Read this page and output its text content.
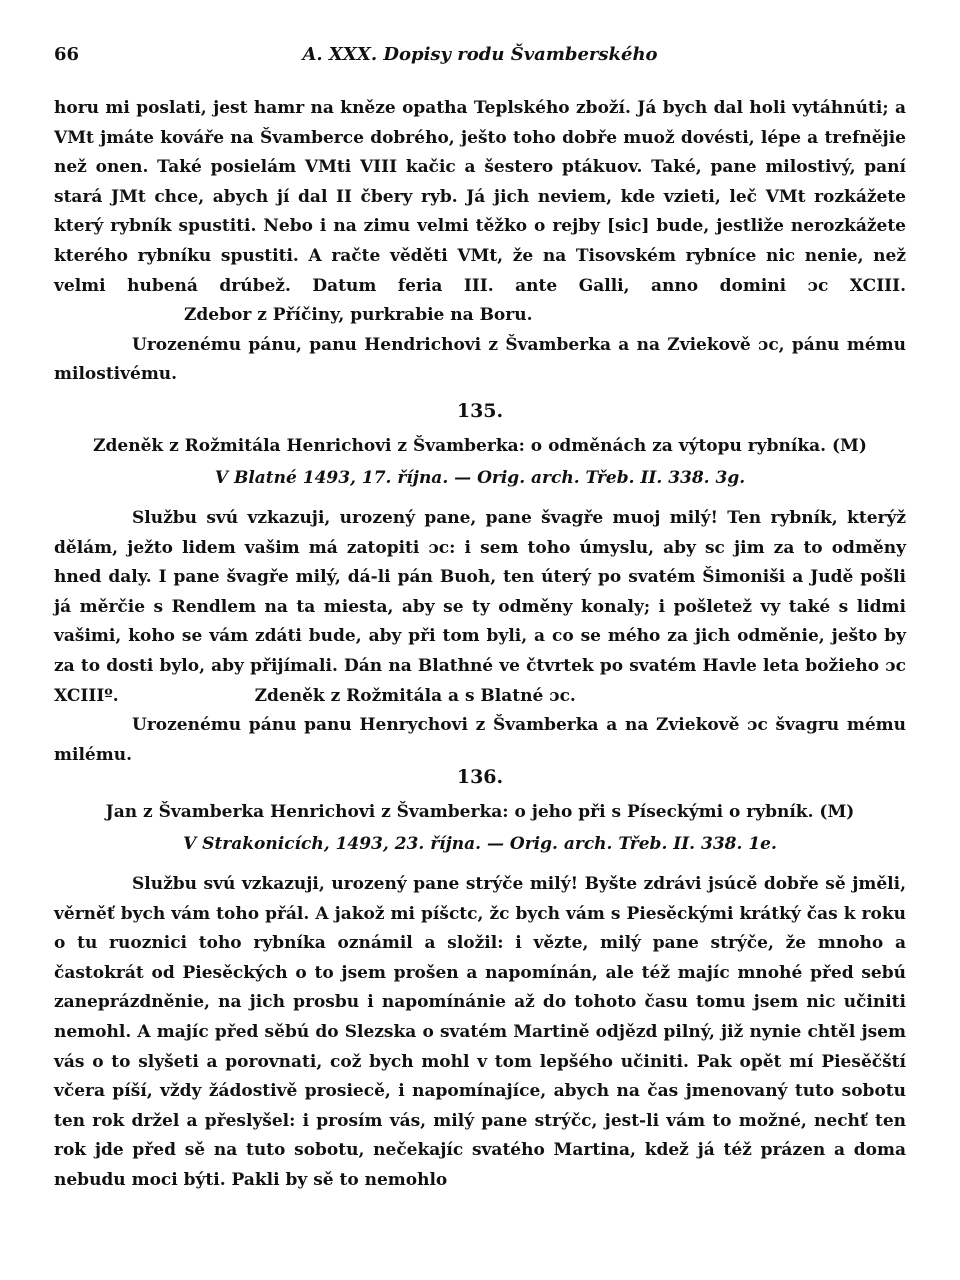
66	A. XXX. Dopisy rodu Švamberského

horu mi poslati, jest hamr na kněze opatha Teplského zboží. Já bych dal holi vytáhnúti; a VMt jmáte kováře na Švamberce dobrého, ješto toho dobře muož dovésti, lépe a trefnějie než onen. Také posielám VMti VIII kačic a šestero ptákuov. Také, pane milostivý, paní stará JMt chce, abych jí dal II čbery ryb. Já jich neviem, kde vzieti, leč VMt rozkážete který rybník spustiti. Nebo i na zimu velmi těžko o rejby [sic] bude, jestliže nerozkážete kterého rybníku spustiti. A račte věděti VMt, že na Tisovském rybníce nic nenie, než velmi hubená drúbež. Datum feria III. ante Galli, anno domini ɔc XCIII. Zdebor z Příčiny, purkrabie na Boru.

Urozenému pánu, panu Hendrichovi z Švamberka a na Zviekově ɔc, pánu mému milostivému.

135.
Zdeněk z Rožmitála Henrichovi z Švamberka: o odměnách za výtopu rybníka. (M)
V Blatné 1493, 17. října. — Orig. arch. Třeb. II. 338. 3g.

Službu svú vzkazuji, urozený pane, pane švagře muoj milý! Ten rybník, kterýž dělám, ježto lidem vašim má zatopiti ɔc: i sem toho úmyslu, aby sc jim za to odměny hned daly. I pane švagře milý, dá-li pán Buoh, ten úterý po svatém Šimoniši a Judě pošli já měrčie s Rendlem na ta miesta, aby se ty odměny konaly; i pošletež vy také s lidmi vašimi, koho se vám zdáti bude, aby při tom byli, a co se mého za jich odměnie, ješto by za to dosti bylo, aby přijímali. Dán na Blathné ve čtvrtek po svatém Havle leta božieho ɔc XCIIIº.	Zdeněk z Rožmitála a s Blatné ɔc.

Urozenému pánu panu Henrychovi z Švamberka a na Zviekově ɔc švagru mému milému.

136.
Jan z Švamberka Henrichovi z Švamberka: o jeho při s Píseckými o rybník. (M)
V Strakonicích, 1493, 23. října. — Orig. arch. Třeb. II. 338. 1e.

Službu svú vzkazuji, urozený pane strýče milý! Byšte zdrávi jsúcě dobře sě jměli, věrněť bych vám toho přál. A jakož mi píšctc, žc bych vám s Piesěckými krátký čas k roku o tu ruoznici toho rybníka oznámil a složil: i vězte, milý pane strýče, že mnoho a častokrát od Piesěckých o to jsem prošen a napomínán, ale též majíc mnohé před sebú zaneprázdněnie, na jich prosbu i napomínánie až do tohoto času tomu jsem nic učiniti nemohl. A majíc před sěbú do Slezska o svatém Martině odjězd pilný, již nynie chtěl jsem vás o to slyšeti a porovnati, což bych mohl v tom lepšého učiniti. Pak opět mí Piesěčští včera píší, vždy žádostivě prosiecě, i napomínajíce, abych na čas jmenovaný tuto sobotu ten rok držel a přeslyšel: i prosím vás, milý pane strýčc, jest-li vám to možné, nechť ten rok jde před sě na tuto sobotu, nečekajíc svatého Martina, kdež já též prázen a doma nebudu moci býti. Pakli by sě to nemohlo
